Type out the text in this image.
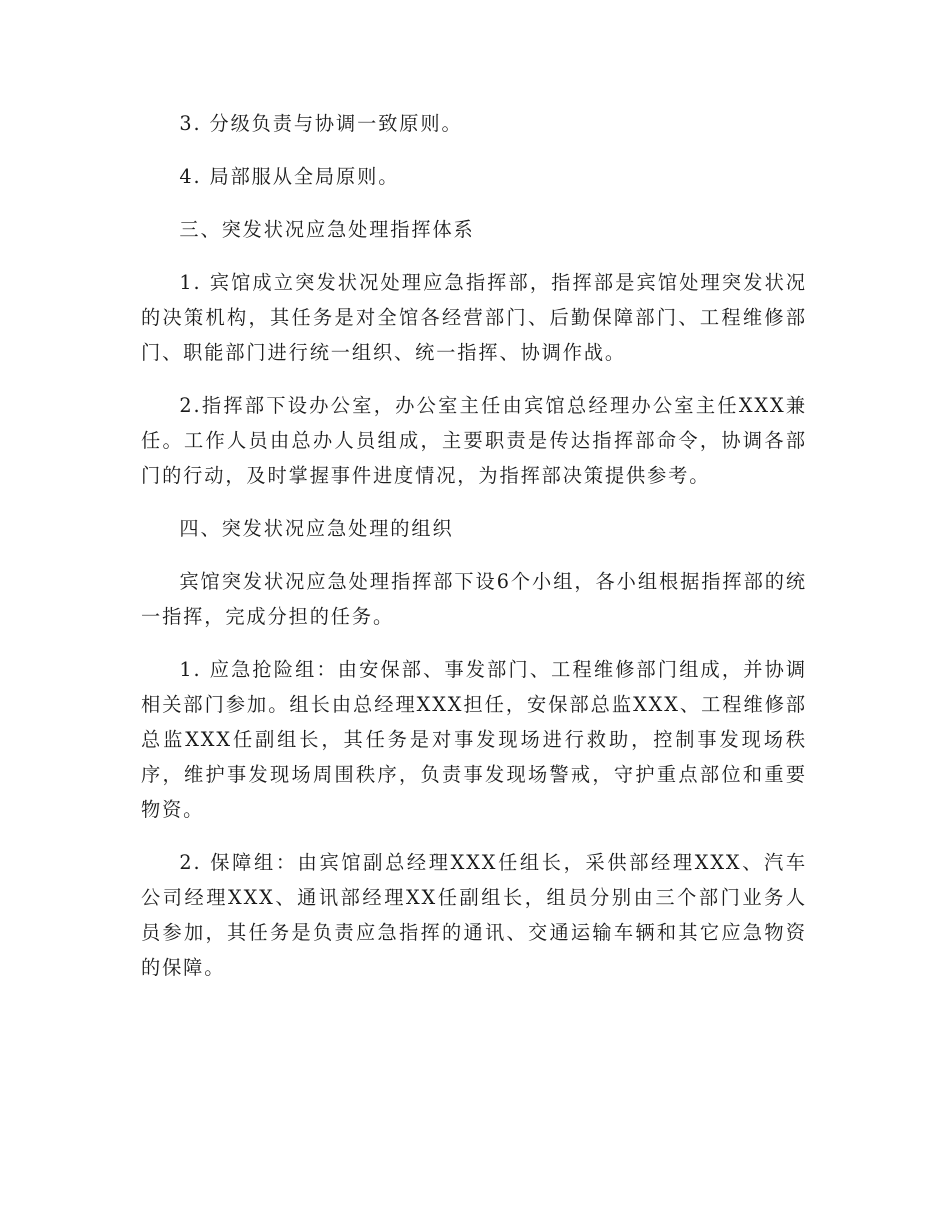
3. 分级负责与协调一致原则。

4. 局部服从全局原则。

三、突发状况应急处理指挥体系

1. 宾馆成立突发状况处理应急指挥部，指挥部是宾馆处理突发状况的决策机构，其任务是对全馆各经营部门、后勤保障部门、工程维修部门、职能部门进行统一组织、统一指挥、协调作战。

2.指挥部下设办公室，办公室主任由宾馆总经理办公室主任XXX兼任。工作人员由总办人员组成，主要职责是传达指挥部命令，协调各部门的行动，及时掌握事件进度情况，为指挥部决策提供参考。

四、突发状况应急处理的组织

宾馆突发状况应急处理指挥部下设6个小组，各小组根据指挥部的统一指挥，完成分担的任务。

1. 应急抢险组：由安保部、事发部门、工程维修部门组成，并协调相关部门参加。组长由总经理XXX担任，安保部总监XXX、工程维修部总监XXX任副组长，其任务是对事发现场进行救助，控制事发现场秩序，维护事发现场周围秩序，负责事发现场警戒，守护重点部位和重要物资。

2. 保障组：由宾馆副总经理XXX任组长，采供部经理XXX、汽车公司经理XXX、通讯部经理XX任副组长，组员分别由三个部门业务人员参加，其任务是负责应急指挥的通讯、交通运输车辆和其它应急物资的保障。
